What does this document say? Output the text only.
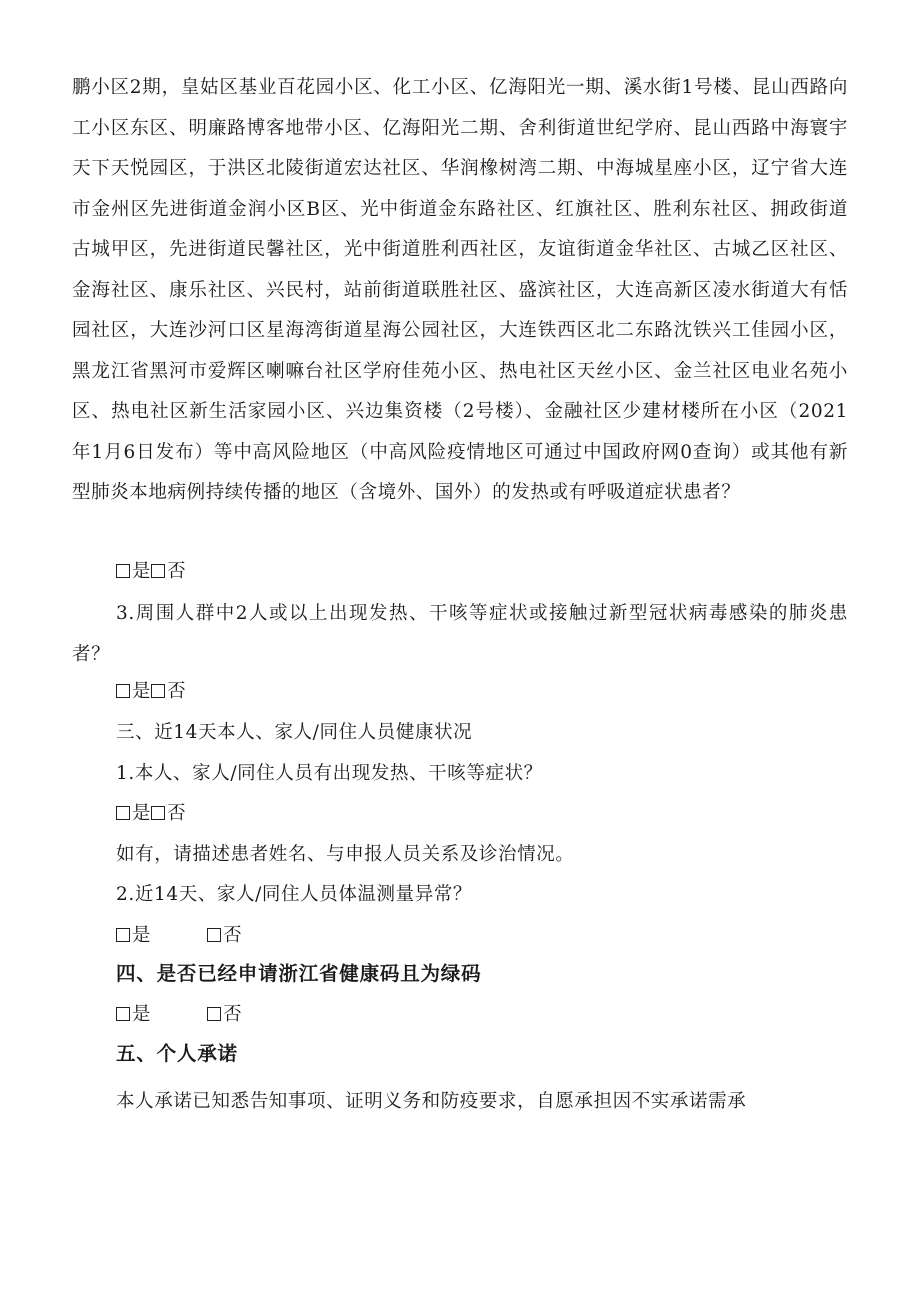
鹏小区2期，皇姑区基业百花园小区、化工小区、亿海阳光一期、溪水街1号楼、昆山西路向工小区东区、明廉路博客地带小区、亿海阳光二期、舍利街道世纪学府、昆山西路中海寰宇天下天悦园区，于洪区北陵街道宏达社区、华润橡树湾二期、中海城星座小区，辽宁省大连市金州区先进街道金润小区B区、光中街道金东路社区、红旗社区、胜利东社区、拥政街道古城甲区，先进街道民馨社区，光中街道胜利西社区，友谊街道金华社区、古城乙区社区、金海社区、康乐社区、兴民村，站前街道联胜社区、盛滨社区，大连高新区凌水街道大有恬园社区，大连沙河口区星海湾街道星海公园社区，大连铁西区北二东路沈铁兴工佳园小区，黑龙江省黑河市爱辉区喇嘛台社区学府佳苑小区、热电社区天丝小区、金兰社区电业名苑小区、热电社区新生活家园小区、兴边集资楼（2号楼）、金融社区少建材楼所在小区（2021年1月6日发布）等中高风险地区（中高风险疫情地区可通过中国政府网0查询）或其他有新型肺炎本地病例持续传播的地区（含境外、国外）的发热或有呼吸道症状患者？

是 否

3.周围人群中2人或以上出现发热、干咳等症状或接触过新型冠状病毒感染的肺炎患者？

是 否
三、近14天本人、家人/同住人员健康状况
1.本人、家人/同住人员有出现发热、干咳等症状？
是 否
如有，请描述患者姓名、与申报人员关系及诊治情况。
2.近14天、家人/同住人员体温测量异常？
是	否
四、是否已经申请浙江省健康码且为绿码
是	否
五、个人承诺
本人承诺已知悉告知事项、证明义务和防疫要求，自愿承担因不实承诺需承
